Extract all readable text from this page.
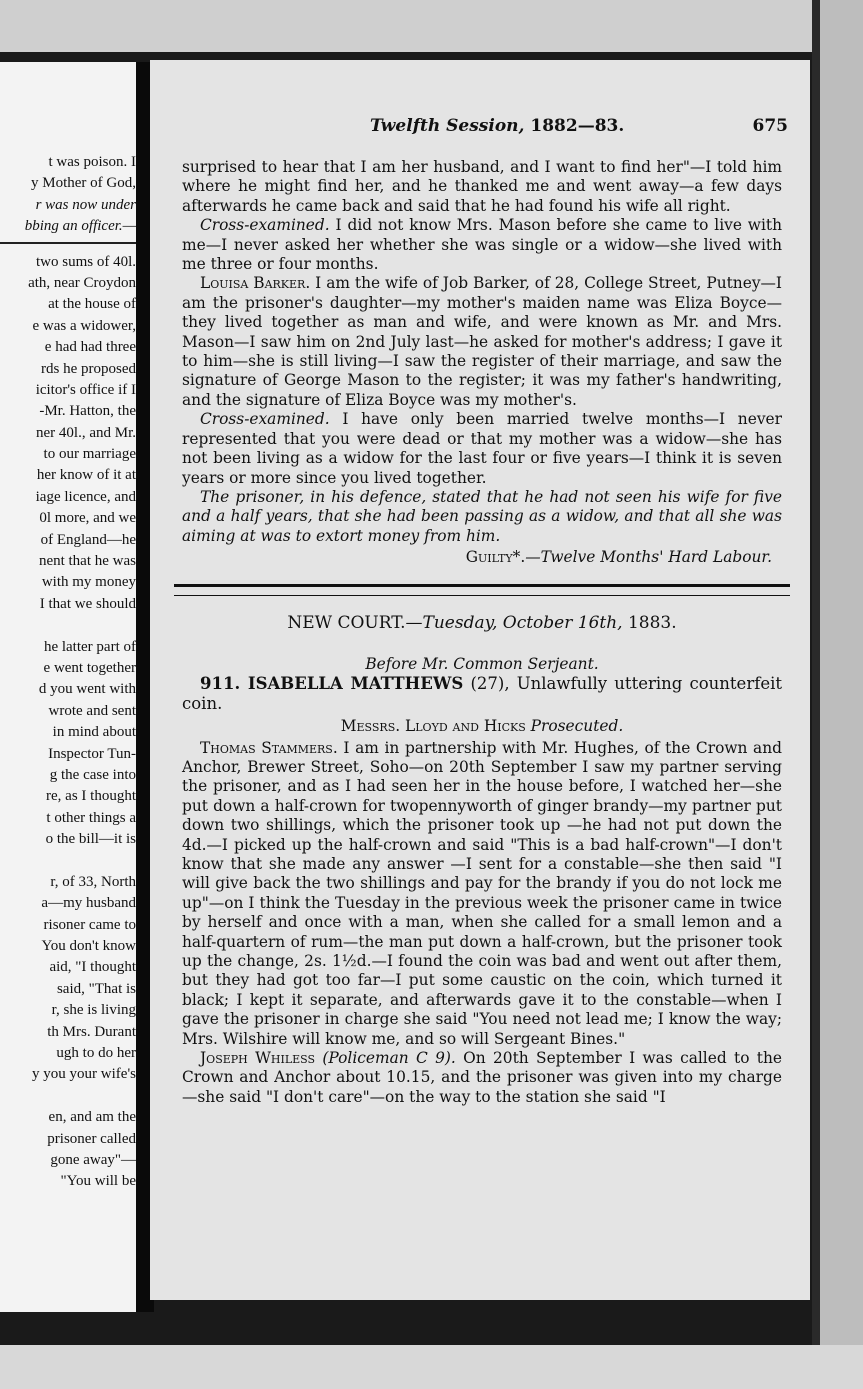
t was poison. I
y Mother of God,
r was now under
bbing an officer.—
two sums of 40l.
ath, near Croydon
at the house of
e was a widower,
e had had three
rds he proposed
icitor's office if I
-Mr. Hatton, the
ner 40l., and Mr.
to our marriage
her know of it at
iage licence, and
0l more, and we
of England—he
nent that he was
with my money
I that we should
he latter part of
e went together
d you went with
wrote and sent
in mind about
Inspector Tun-
g the case into
re, as I thought
t other things a
o the bill—it is
r, of 33, North
a—my husband
risoner came to
You don't know
aid, "I thought
said, "That is
r, she is living
th Mrs. Durant
ugh to do her
y you your wife's
en, and am the
prisoner called
gone away"—
"You will be
Twelfth Session, 1882—83.	675

surprised to hear that I am her husband, and I want to find her"—I told him where he might find her, and he thanked me and went away—a few days afterwards he came back and said that he had found his wife all right.

Cross-examined. I did not know Mrs. Mason before she came to live with me—I never asked her whether she was single or a widow—she lived with me three or four months.

Louisa Barker. I am the wife of Job Barker, of 28, College Street, Putney—I am the prisoner's daughter—my mother's maiden name was Eliza Boyce—they lived together as man and wife, and were known as Mr. and Mrs. Mason—I saw him on 2nd July last—he asked for mother's address; I gave it to him—she is still living—I saw the register of their marriage, and saw the signature of George Mason to the register; it was my father's handwriting, and the signature of Eliza Boyce was my mother's.

Cross-examined. I have only been married twelve months—I never represented that you were dead or that my mother was a widow—she has not been living as a widow for the last four or five years—I think it is seven years or more since you lived together.

The prisoner, in his defence, stated that he had not seen his wife for five and a half years, that she had been passing as a widow, and that all she was aiming at was to extort money from him.

Guilty*.—Twelve Months' Hard Labour.

NEW COURT.—Tuesday, October 16th, 1883.

Before Mr. Common Serjeant.

911. ISABELLA MATTHEWS (27), Unlawfully uttering counterfeit coin.

Messrs. Lloyd and Hicks Prosecuted.

Thomas Stammers. I am in partnership with Mr. Hughes, of the Crown and Anchor, Brewer Street, Soho—on 20th September I saw my partner serving the prisoner, and as I had seen her in the house before, I watched her—she put down a half-crown for twopennyworth of ginger brandy—my partner put down two shillings, which the prisoner took up —he had not put down the 4d.—I picked up the half-crown and said "This is a bad half-crown"—I don't know that she made any answer —I sent for a constable—she then said "I will give back the two shillings and pay for the brandy if you do not lock me up"—on I think the Tuesday in the previous week the prisoner came in twice by herself and once with a man, when she called for a small lemon and a half-quartern of rum—the man put down a half-crown, but the prisoner took up the change, 2s. 1½d.—I found the coin was bad and went out after them, but they had got too far—I put some caustic on the coin, which turned it black; I kept it separate, and afterwards gave it to the constable—when I gave the prisoner in charge she said "You need not lead me; I know the way; Mrs. Wilshire will know me, and so will Sergeant Bines."

Joseph Whiless (Policeman C 9). On 20th September I was called to the Crown and Anchor about 10.15, and the prisoner was given into my charge—she said "I don't care"—on the way to the station she said "I
